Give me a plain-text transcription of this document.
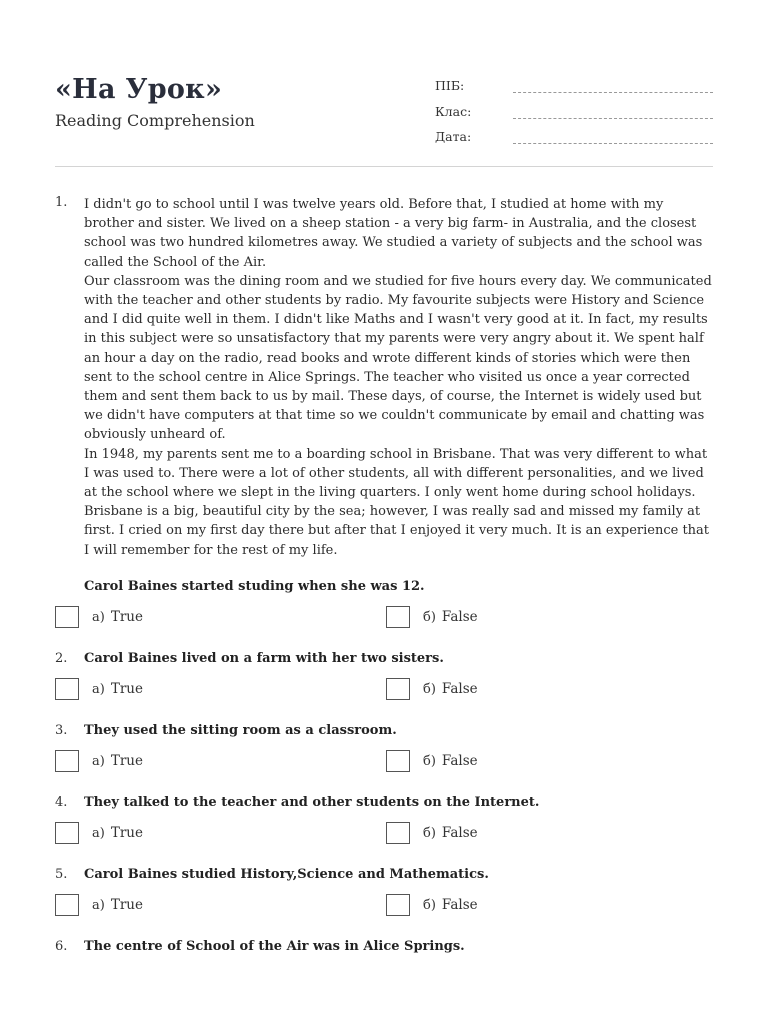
«На Урок»
Reading Comprehension
ПІБ:
Клас:
Дата:
1. I didn't go to school until I was twelve years old. Before that, I studied at home with my brother and sister. We lived on a sheep station - a very big farm- in Australia, and the closest school was two hundred kilometres away. We studied a variety of subjects and the school was called the School of the Air.

Our classroom was the dining room and we studied for five hours every day. We communicated with the teacher and other students by radio. My favourite subjects were History and Science and I did quite well in them. I didn't like Maths and I wasn't very good at it. In fact, my results in this subject were so unsatisfactory that my parents were very angry about it. We spent half an hour a day on the radio, read books and wrote different kinds of stories which were then sent to the school centre in Alice Springs. The teacher who visited us once a year corrected them and sent them back to us by mail. These days, of course, the Internet is widely used but we didn't have computers at that time so we couldn't communicate by email and chatting was obviously unheard of.

In 1948, my parents sent me to a boarding school in Brisbane. That was very different to what I was used to. There were a lot of other students, all with different personalities, and we lived at the school where we slept in the living quarters. I only went home during school holidays. Brisbane is a big, beautiful city by the sea; however, I was really sad and missed my family at first. I cried on my first day there but after that I enjoyed it very much. It is an experience that I will remember for the rest of my life.

Carol Baines started studing when she was 12.
а) True	б) False
2. Carol Baines lived on a farm with her two sisters.
а) True	б) False
3. They used the sitting room as a classroom.
а) True	б) False
4. They talked to the teacher and other students on the Internet.
а) True	б) False
5. Carol Baines studied History,Science and Mathematics.
а) True	б) False
6. The centre of School of the Air was in Alice Springs.
